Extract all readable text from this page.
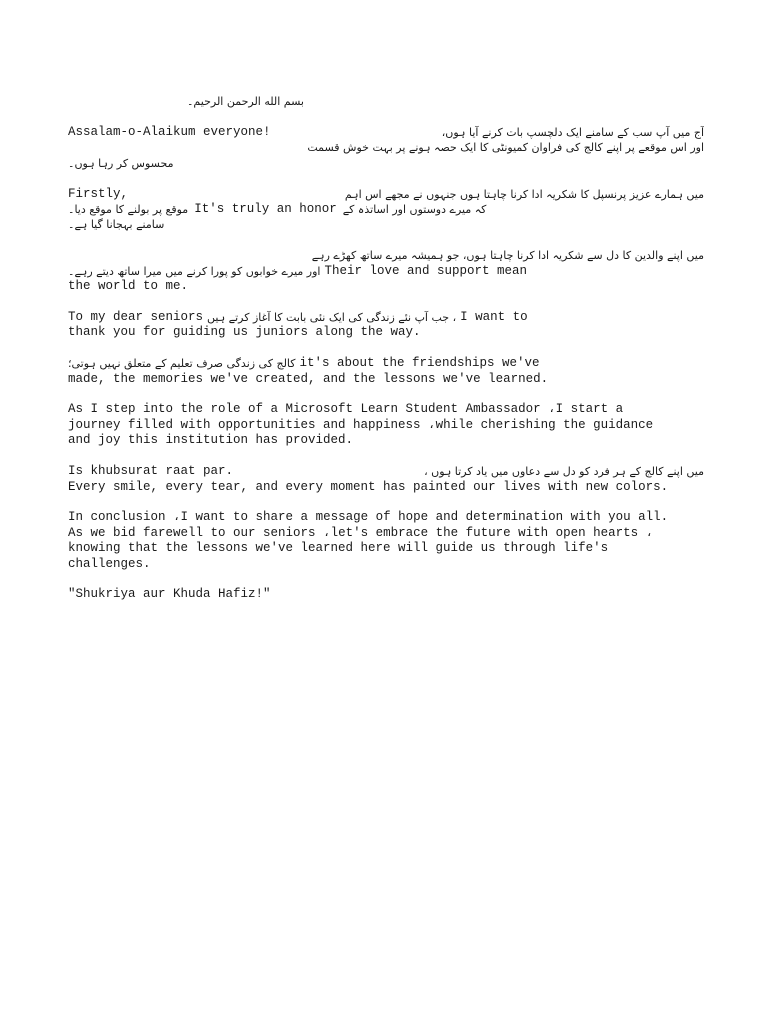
بسم الله الرحمن الرحیم۔
Assalam-o-Alaikum everyone!	آج میں آپ سب کے سامنے ایک دلچسپ بات کرنے آیا ہوں،
اور اس موقعے پر اپنے کالج کی فراوان کمیونٹی کا ایک حصہ ہونے پر بہت خوش قسمت
محسوس کر رہا ہوں۔
Firstly,	میں ہمارے عزیز پرنسپل کا شکریہ ادا کرنا چاہتا ہوں جنہوں نے مجھے اس اہم
موقع پر بولنے کا موقع دیا۔ It's truly an honor کہ میرے دوستوں اور اساتذہ کے
سامنے بہجانا گیا ہے۔
میں اپنے والدین کا دل سے شکریہ ادا کرنا چاہتا ہوں، جو ہمیشہ میرے ساتھ کھڑے رہے
اور میرے خوابوں کو پورا کرنے میں میرا ساتھ دیتے رہے۔ Their love and support mean
the world to me.
To my dear seniors ، جب آپ نئے زندگی کی ایک نئی بابت کا آغاز کرتے ہیں I want to
thank you for guiding us juniors along the way.
کالج کی زندگی صرف تعلیم کے متعلق نہیں ہوتی؛ it's about the friendships we've
made, the memories we've created, and the lessons we've learned.
As I step into the role of a Microsoft Learn Student Ambassador ،I start a
journey filled with opportunities and happiness ،while cherishing the guidance
and joy this institution has provided.
Is khubsurat raat par.	میں اپنے کالج کے ہر فرد کو دل سے دعاوں میں یاد کرتا ہوں ،
Every smile, every tear, and every moment has painted our lives with new colors.
In conclusion ،I want to share a message of hope and determination with you all.
As we bid farewell to our seniors ،let's embrace the future with open hearts ،
knowing that the lessons we've learned here will guide us through life's
challenges.
"Shukriya aur Khuda Hafiz!"
